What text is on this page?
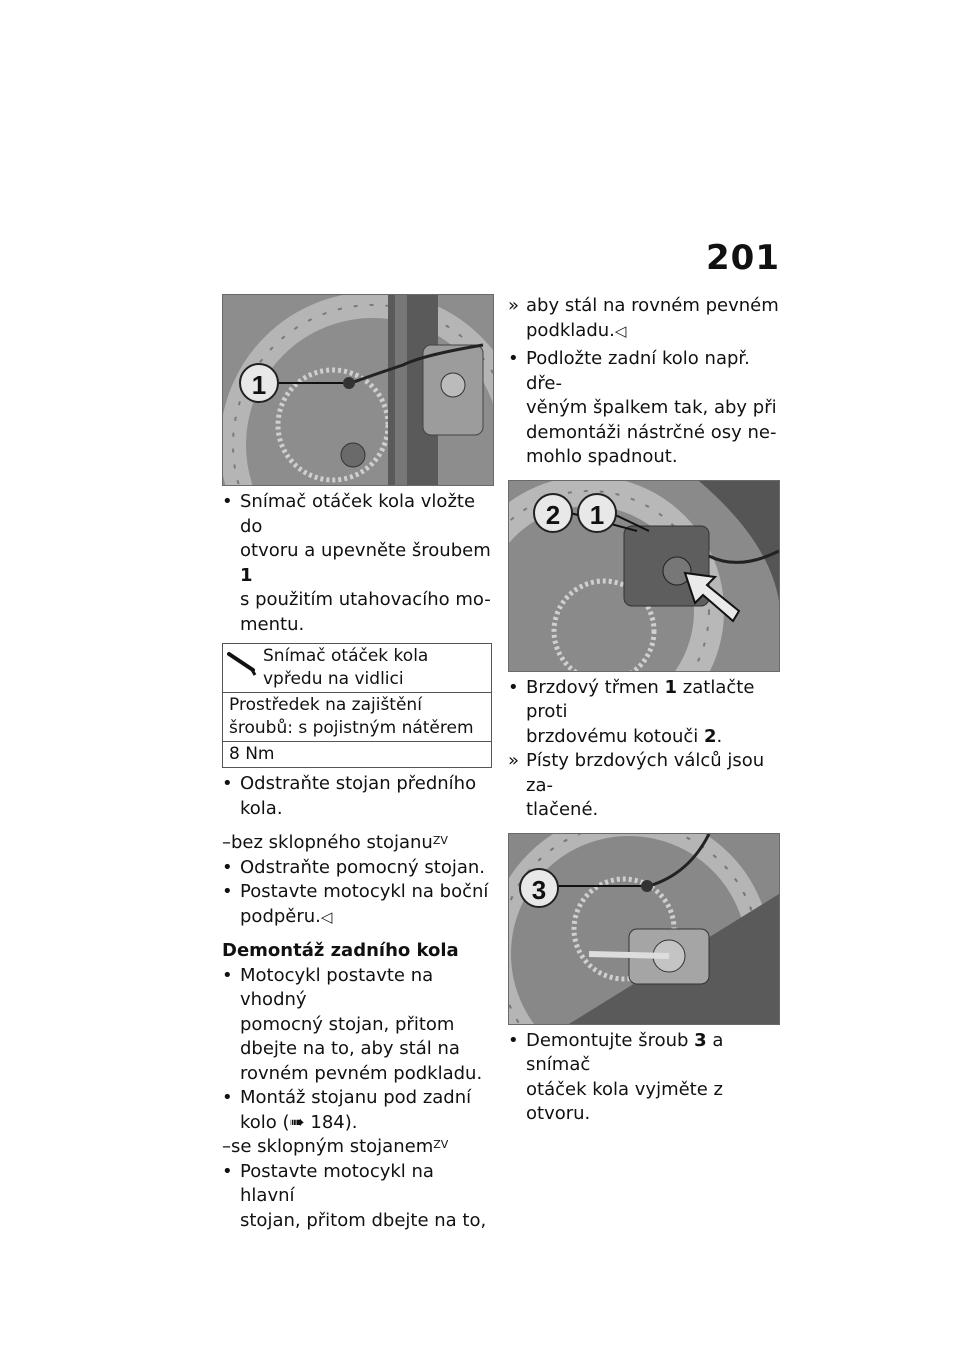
201
1

• Snímač otáček kola vložte do
otvoru a upevněte šroubem 1
s použitím utahovacího mo-
mentu.

Snímač otáček kola
vpředu na vidlici
Prostředek na zajištění
šroubů: s pojistným nátěrem
8 Nm

• Odstraňte stojan předního
kola.

–bez sklopného stojanu$^{ZV}$

• Odstraňte pomocný stojan.

• Postavte motocykl na boční
podpěru.◁

Demontáž zadního kola

• Motocykl postavte na vhodný
pomocný stojan, přitom
dbejte na to, aby stál na
rovném pevném podkladu.

• Montáž stojanu pod zadní
kolo (➠ 184).

–se sklopným stojanem$^{ZV}$

• Postavte motocykl na hlavní
stojan, přitom dbejte na to,

» aby stál na rovném pevném
podkladu.◁

• Podložte zadní kolo např. dře-
věným špalkem tak, aby při
demontáži nástrčné osy ne-
mohlo spadnout.

2	1

• Brzdový třmen 1 zatlačte proti
brzdovému kotouči 2.

» Písty brzdových válců jsou za-
tlačené.

3

• Demontujte šroub 3 a snímač
otáček kola vyjměte z otvoru.
